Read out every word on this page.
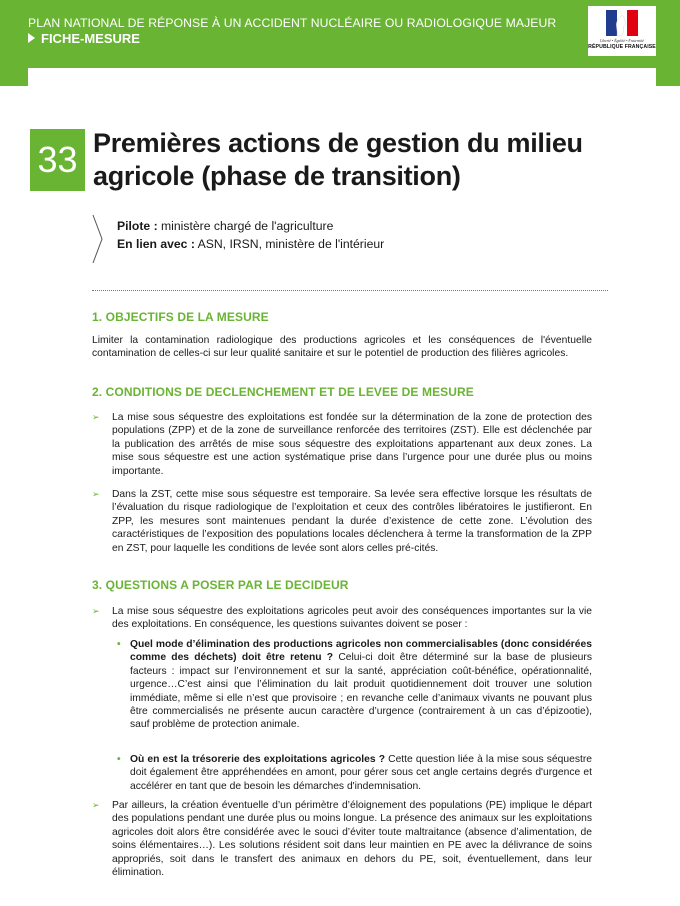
PLAN NATIONAL DE RÉPONSE À UN ACCIDENT NUCLÉAIRE OU RADIOLOGIQUE MAJEUR
FICHE-MESURE	Liberté • Égalité • Fraternité
RÉPUBLIQUE FRANÇAISE
33 Premières actions de gestion du milieu agricole (phase de transition)
Pilote : ministère chargé de l'agriculture
En lien avec : ASN, IRSN, ministère de l'intérieur
1. OBJECTIFS DE LA MESURE
Limiter la contamination radiologique des productions agricoles et les conséquences de l'éventuelle contamination de celles-ci sur leur qualité sanitaire et sur le potentiel de production des filières agricoles.
2. CONDITIONS DE DECLENCHEMENT ET DE LEVEE DE MESURE
➢ La mise sous séquestre des exploitations est fondée sur la détermination de la zone de protection des populations (ZPP) et de la zone de surveillance renforcée des territoires (ZST). Elle est déclenchée par la publication des arrêtés de mise sous séquestre des exploitations appartenant aux deux zones. La mise sous séquestre est une action systématique prise dans l’urgence pour une durée plus ou moins importante.
➢ Dans la ZST, cette mise sous séquestre est temporaire. Sa levée sera effective lorsque les résultats de l’évaluation du risque radiologique de l’exploitation et ceux des contrôles libératoires le justifieront. En ZPP, les mesures sont maintenues pendant la durée d’existence de cette zone. L’évolution des caractéristiques de l’exposition des populations locales déclenchera à terme la transformation de la ZPP en ZST, pour laquelle les conditions de levée sont alors celles pré-cités.
3. QUESTIONS A POSER PAR LE DECIDEUR
➢ La mise sous séquestre des exploitations agricoles peut avoir des conséquences importantes sur la vie des exploitations. En conséquence, les questions suivantes doivent se poser :
• Quel mode d’élimination des productions agricoles non commercialisables (donc considérées comme des déchets) doit être retenu ? Celui-ci doit être déterminé sur la base de plusieurs facteurs : impact sur l’environnement et sur la santé, appréciation coût-bénéfice, opérationnalité, urgence…C’est ainsi que l’élimination du lait produit quotidiennement doit trouver une solution immédiate, même si elle n’est que provisoire ; en revanche celle d’animaux vivants ne pouvant plus être commercialisés ne présente aucun caractère d’urgence (contrairement à un cas d’épizootie), sauf problème de protection animale.
• Où en est la trésorerie des exploitations agricoles ? Cette question liée à la mise sous séquestre doit également être appréhendées en amont, pour gérer sous cet angle certains degrés d'urgence et accélérer en tant que de besoin les démarches d'indemnisation.
➢ Par ailleurs, la création éventuelle d’un périmètre d’éloignement des populations (PE) implique le départ des populations pendant une durée plus ou moins longue. La présence des animaux sur les exploitations agricoles doit alors être considérée avec le souci d’éviter toute maltraitance (absence d’alimentation, de soins élémentaires…). Les solutions résident soit dans leur maintien en PE avec la délivrance de soins appropriés, soit dans le transfert des animaux en dehors du PE, soit, éventuellement, dans leur élimination.
